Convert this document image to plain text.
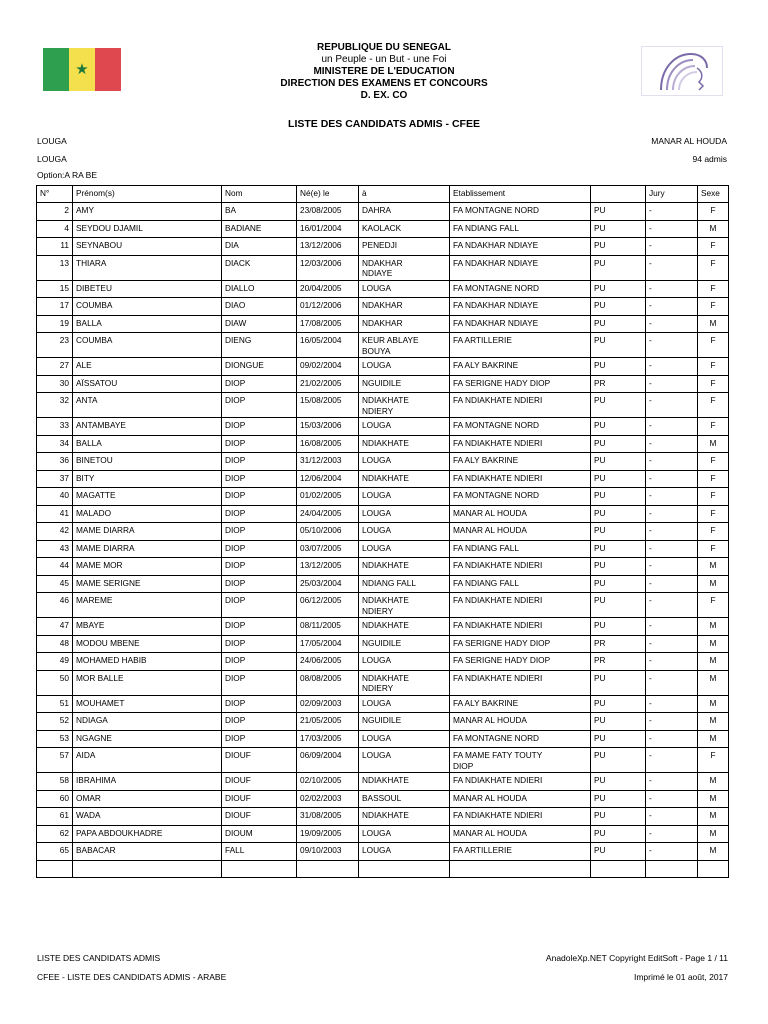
★
REPUBLIQUE DU SENEGAL
un Peuple - un But - une Foi
MINISTERE DE L'EDUCATION
DIRECTION DES EXAMENS ET CONCOURS
D. EX. CO
LISTE DES CANDIDATS ADMIS - CFEE
LOUGA
LOUGA
Option:A RA BE
MANAR AL HOUDA
94 admis
N°	Prénom(s)	Nom	Né(e) le	à	Etablissement		Jury	Sexe
2	AMY	BA	23/08/2005	DAHRA	FA MONTAGNE NORD	PU	-	F
4	SEYDOU DJAMIL	BADIANE	16/01/2004	KAOLACK	FA NDIANG FALL	PU	-	M
11	SEYNABOU	DIA	13/12/2006	PENEDJI	FA NDAKHAR NDIAYE	PU	-	F
13	THIARA	DIACK	12/03/2006	NDAKHAR
NDIAYE	FA NDAKHAR NDIAYE	PU	-	F
15	DIBETEU	DIALLO	20/04/2005	LOUGA	FA MONTAGNE NORD	PU	-	F
17	COUMBA	DIAO	01/12/2006	NDAKHAR	FA NDAKHAR NDIAYE	PU	-	F
19	BALLA	DIAW	17/08/2005	NDAKHAR	FA NDAKHAR NDIAYE	PU	-	M
23	COUMBA	DIENG	16/05/2004	KEUR ABLAYE
BOUYA	FA ARTILLERIE	PU	-	F
27	ALE	DIONGUE	09/02/2004	LOUGA	FA ALY BAKRINE	PU	-	F
30	AÏSSATOU	DIOP	21/02/2005	NGUIDILE	FA SERIGNE HADY DIOP	PR	-	F
32	ANTA	DIOP	15/08/2005	NDIAKHATE
NDIERY	FA NDIAKHATE NDIERI	PU	-	F
33	ANTAMBAYE	DIOP	15/03/2006	LOUGA	FA MONTAGNE NORD	PU	-	F
34	BALLA	DIOP	16/08/2005	NDIAKHATE	FA NDIAKHATE NDIERI	PU	-	M
36	BINETOU	DIOP	31/12/2003	LOUGA	FA ALY BAKRINE	PU	-	F
37	BITY	DIOP	12/06/2004	NDIAKHATE	FA NDIAKHATE NDIERI	PU	-	F
40	MAGATTE	DIOP	01/02/2005	LOUGA	FA MONTAGNE NORD	PU	-	F
41	MALADO	DIOP	24/04/2005	LOUGA	MANAR AL HOUDA	PU	-	F
42	MAME DIARRA	DIOP	05/10/2006	LOUGA	MANAR AL HOUDA	PU	-	F
43	MAME DIARRA	DIOP	03/07/2005	LOUGA	FA NDIANG FALL	PU	-	F
44	MAME MOR	DIOP	13/12/2005	NDIAKHATE	FA NDIAKHATE NDIERI	PU	-	M
45	MAME SERIGNE	DIOP	25/03/2004	NDIANG FALL	FA NDIANG FALL	PU	-	M
46	MAREME	DIOP	06/12/2005	NDIAKHATE
NDIERY	FA NDIAKHATE NDIERI	PU	-	F
47	MBAYE	DIOP	08/11/2005	NDIAKHATE	FA NDIAKHATE NDIERI	PU	-	M
48	MODOU MBENE	DIOP	17/05/2004	NGUIDILE	FA SERIGNE HADY DIOP	PR	-	M
49	MOHAMED HABIB	DIOP	24/06/2005	LOUGA	FA SERIGNE HADY DIOP	PR	-	M
50	MOR BALLE	DIOP	08/08/2005	NDIAKHATE
NDIERY	FA NDIAKHATE NDIERI	PU	-	M
51	MOUHAMET	DIOP	02/09/2003	LOUGA	FA ALY BAKRINE	PU	-	M
52	NDIAGA	DIOP	21/05/2005	NGUIDILE	MANAR AL HOUDA	PU	-	M
53	NGAGNE	DIOP	17/03/2005	LOUGA	FA MONTAGNE NORD	PU	-	M
57	AIDA	DIOUF	06/09/2004	LOUGA	FA MAME FATY TOUTY
DIOP	PU	-	F
58	IBRAHIMA	DIOUF	02/10/2005	NDIAKHATE	FA NDIAKHATE NDIERI	PU	-	M
60	OMAR	DIOUF	02/02/2003	BASSOUL	MANAR AL HOUDA	PU	-	M
61	WADA	DIOUF	31/08/2005	NDIAKHATE	FA NDIAKHATE NDIERI	PU	-	M
62	PAPA ABDOUKHADRE	DIOUM	19/09/2005	LOUGA	MANAR AL HOUDA	PU	-	M
65	BABACAR	FALL	09/10/2003	LOUGA	FA ARTILLERIE	PU	-	M

LISTE DES CANDIDATS ADMIS
CFEE - LISTE DES CANDIDATS ADMIS - ARABE
AnadoleXp.NET Copyright EditSoft - Page 1 / 11
Imprimé le 01 août, 2017
